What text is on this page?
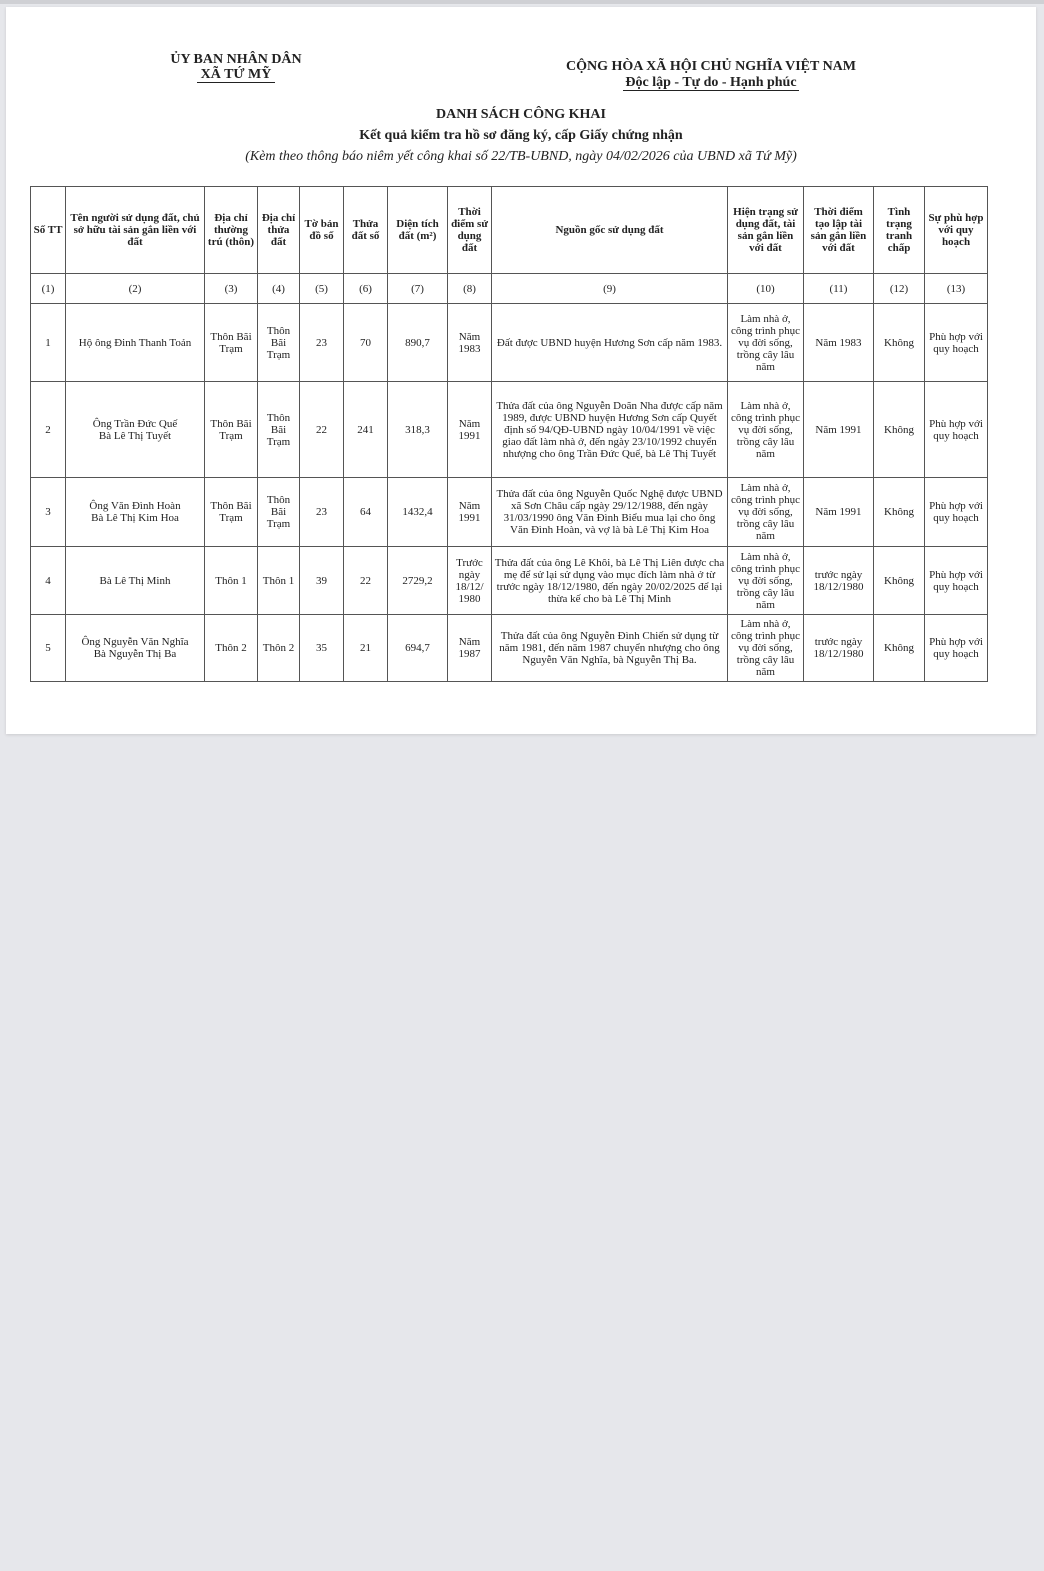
ỦY BAN NHÂN DÂN
XÃ TỨ MỸ
CỘNG HÒA XÃ HỘI CHỦ NGHĨA VIỆT NAM
Độc lập - Tự do - Hạnh phúc
DANH SÁCH CÔNG KHAI
Kết quả kiểm tra hồ sơ đăng ký, cấp Giấy chứng nhận
(Kèm theo thông báo niêm yết công khai số 22/TB-UBND, ngày 04/02/2026 của UBND xã Tứ Mỹ)
Số TT	Tên người sử dụng đất, chủ sở hữu tài sản gắn liền với đất	Địa chỉ thường trú (thôn)	Địa chỉ thửa đất	Tờ bản đồ số	Thửa đất số	Diện tích đất (m²)	Thời điểm sử dụng đất	Nguồn gốc sử dụng đất	Hiện trạng sử dụng đất, tài sản gắn liền với đất	Thời điểm tạo lập tài sản gắn liền với đất	Tình trạng tranh chấp	Sự phù hợp với quy hoạch
(1)	(2)	(3)	(4)	(5)	(6)	(7)	(8)	(9)	(10)	(11)	(12)	(13)
1	Hộ ông Đinh Thanh Toản	Thôn Bãi Trạm	Thôn Bãi Trạm	23	70	890,7	Năm 1983	Đất được UBND huyện Hương Sơn cấp năm 1983.	Làm nhà ở, công trình phục vụ đời sống, trồng cây lâu năm	Năm 1983	Không	Phù hợp với quy hoạch
2	Ông Trần Đức Quế
Bà Lê Thị Tuyết	Thôn Bãi Trạm	Thôn Bãi Trạm	22	241	318,3	Năm 1991	Thửa đất của ông Nguyễn Doãn Nha được cấp năm 1989, được UBND huyện Hương Sơn cấp Quyết định số 94/QĐ-UBND ngày 10/04/1991 về việc giao đất làm nhà ở, đến ngày 23/10/1992 chuyển nhượng cho ông Trần Đức Quế, bà Lê Thị Tuyết	Làm nhà ở, công trình phục vụ đời sống, trồng cây lâu năm	Năm 1991	Không	Phù hợp với quy hoạch
3	Ông Văn Đình Hoàn
Bà Lê Thị Kim Hoa	Thôn Bãi Trạm	Thôn Bãi Trạm	23	64	1432,4	Năm 1991	Thửa đất của ông Nguyễn Quốc Nghệ được UBND xã Sơn Châu cấp ngày 29/12/1988, đến ngày 31/03/1990 ông Văn Đình Biểu mua lại cho ông Văn Đình Hoàn, và vợ là bà Lê Thị Kim Hoa	Làm nhà ở, công trình phục vụ đời sống, trồng cây lâu năm	Năm 1991	Không	Phù hợp với quy hoạch
4	Bà Lê Thị Minh	Thôn 1	Thôn 1	39	22	2729,2	Trước ngày 18/12/ 1980	Thửa đất của ông Lê Khôi, bà Lê Thị Liên được cha mẹ để sử lại sử dụng vào mục đích làm nhà ở từ trước ngày 18/12/1980, đến ngày 20/02/2025 để lại thừa kế cho bà Lê Thị Minh	Làm nhà ở, công trình phục vụ đời sống, trồng cây lâu năm	trước ngày 18/12/1980	Không	Phù hợp với quy hoạch
5	Ông Nguyễn Văn Nghĩa
Bà Nguyễn Thị Ba	Thôn 2	Thôn 2	35	21	694,7	Năm 1987	Thửa đất của ông Nguyễn Đình Chiến sử dụng từ năm 1981, đến năm 1987 chuyển nhượng cho ông Nguyễn Văn Nghĩa, bà Nguyễn Thị Ba.	Làm nhà ở, công trình phục vụ đời sống, trồng cây lâu năm	trước ngày 18/12/1980	Không	Phù hợp với quy hoạch
